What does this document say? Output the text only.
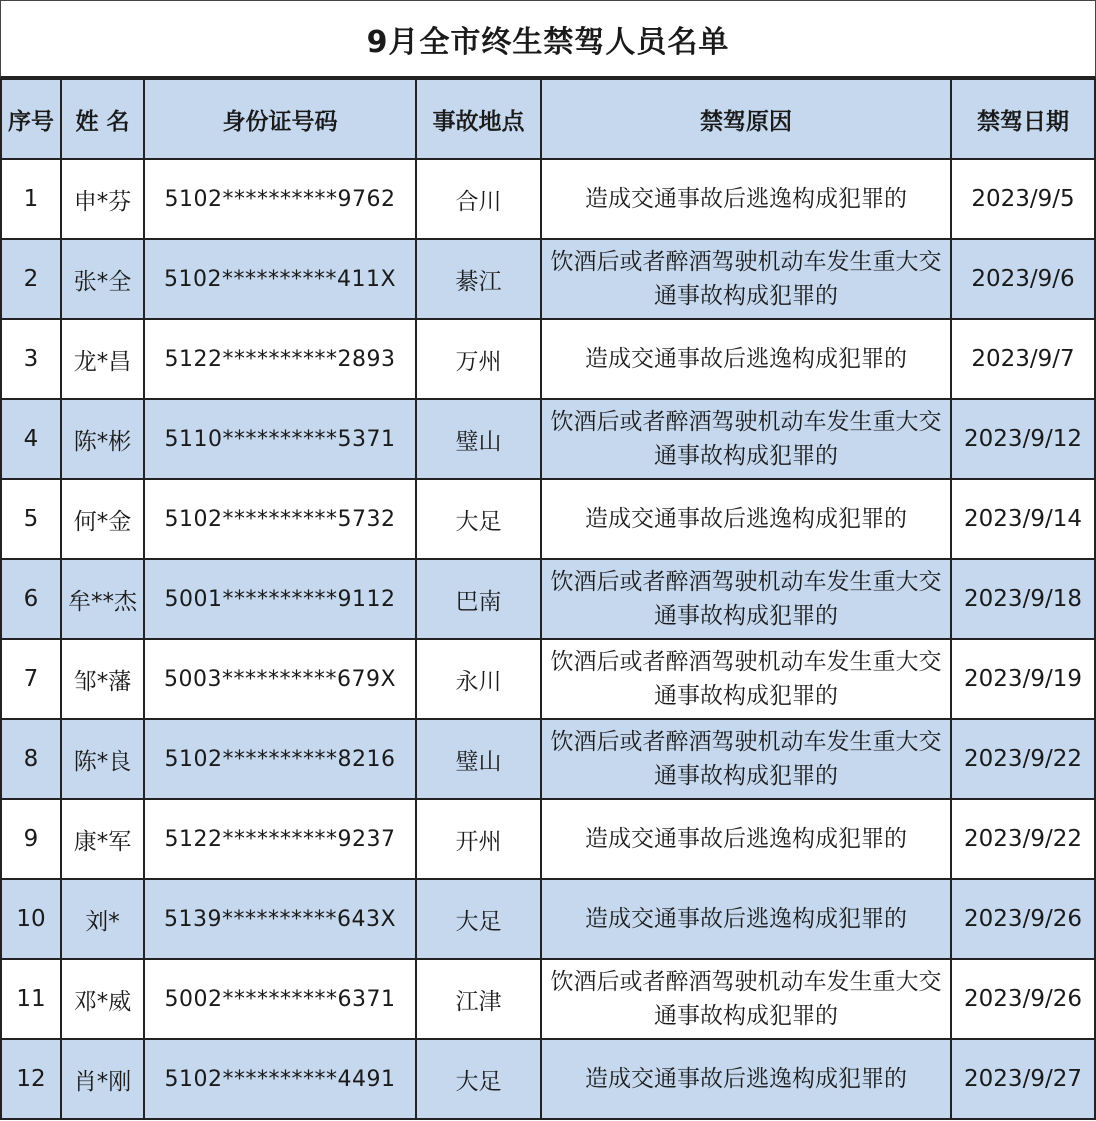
9月全市终生禁驾人员名单
序号	姓 名	身份证号码	事故地点	禁驾原因	禁驾日期
1	申*芬	5102**********9762	合川	造成交通事故后逃逸构成犯罪的	2023/9/5
2	张*全	5102**********411X	綦江	饮酒后或者醉酒驾驶机动车发生重大交通事故构成犯罪的	2023/9/6
3	龙*昌	5122**********2893	万州	造成交通事故后逃逸构成犯罪的	2023/9/7
4	陈*彬	5110**********5371	璧山	饮酒后或者醉酒驾驶机动车发生重大交通事故构成犯罪的	2023/9/12
5	何*金	5102**********5732	大足	造成交通事故后逃逸构成犯罪的	2023/9/14
6	牟**杰	5001**********9112	巴南	饮酒后或者醉酒驾驶机动车发生重大交通事故构成犯罪的	2023/9/18
7	邹*藩	5003**********679X	永川	饮酒后或者醉酒驾驶机动车发生重大交通事故构成犯罪的	2023/9/19
8	陈*良	5102**********8216	璧山	饮酒后或者醉酒驾驶机动车发生重大交通事故构成犯罪的	2023/9/22
9	康*军	5122**********9237	开州	造成交通事故后逃逸构成犯罪的	2023/9/22
10	刘*	5139**********643X	大足	造成交通事故后逃逸构成犯罪的	2023/9/26
11	邓*威	5002**********6371	江津	饮酒后或者醉酒驾驶机动车发生重大交通事故构成犯罪的	2023/9/26
12	肖*刚	5102**********4491	大足	造成交通事故后逃逸构成犯罪的	2023/9/27
